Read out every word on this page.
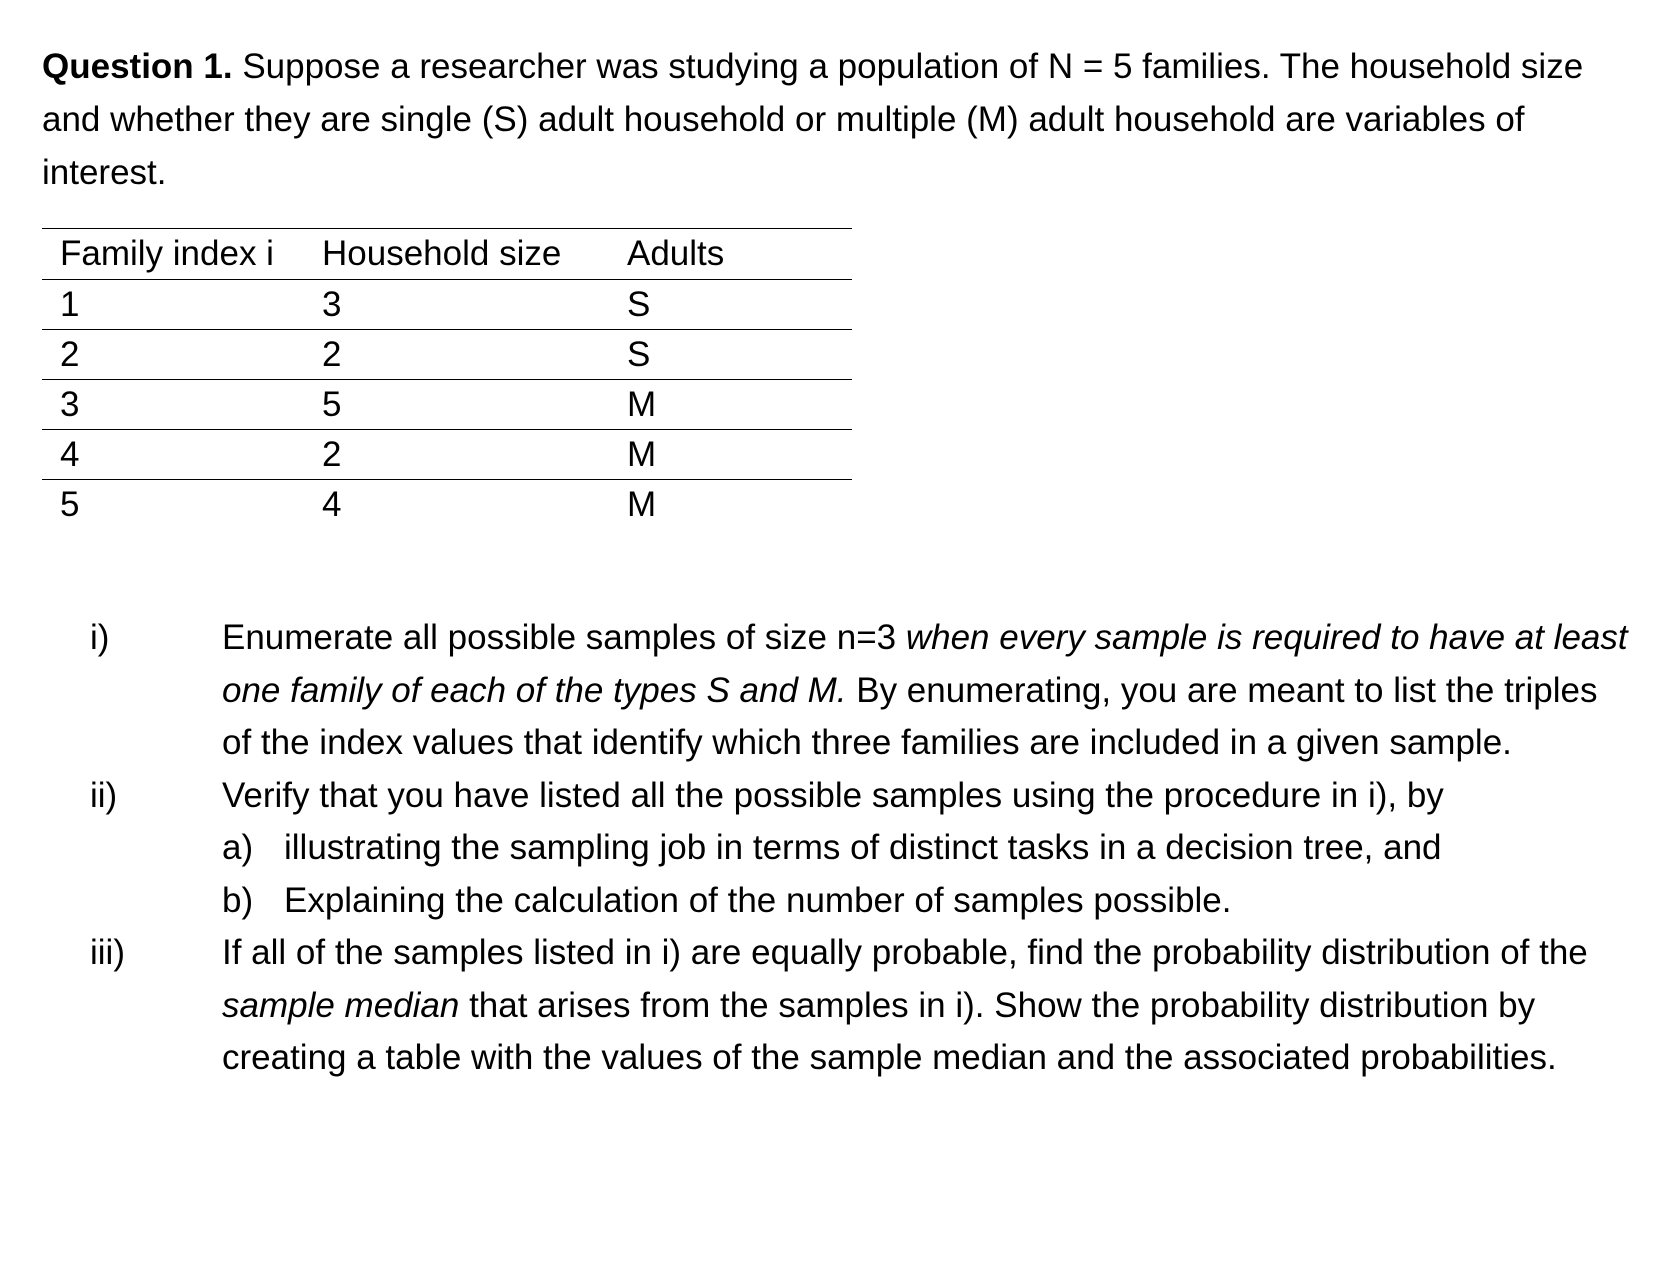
Question 1. Suppose a researcher was studying a population of N = 5 families. The household size and whether they are single (S) adult household or multiple (M) adult household are variables of interest.

Family index i	Household size	Adults
1	3	S
2	2	S
3	5	M
4	2	M
5	4	M

i)	Enumerate all possible samples of size n=3 when every sample is required to have at least one family of each of the types S and M. By enumerating, you are meant to list the triples of the index values that identify which three families are included in a given sample.

ii)	Verify that you have listed all the possible samples using the procedure in i), by
a) illustrating the sampling job in terms of distinct tasks in a decision tree, and
b) Explaining the calculation of the number of samples possible.

iii)	If all of the samples listed in i) are equally probable, find the probability distribution of the sample median that arises from the samples in i). Show the probability distribution by creating a table with the values of the sample median and the associated probabilities.
